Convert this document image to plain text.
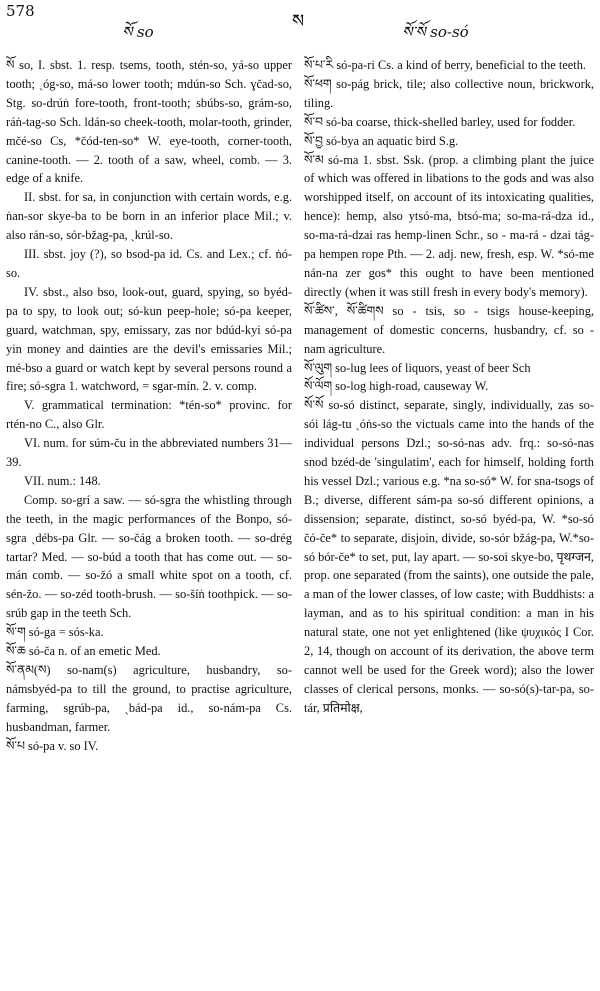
578
སོ so	ས	སོ་སོ so-só

སོ so, I. sbst. 1. resp. tsems, tooth, stén-so, yá-so upper tooth; ˏóg-so, má-so lower tooth; mdún-so Sch. ɣčad-so, Stg. so-drúṅ fore-tooth, front-tooth; sbúbs-so, grám-so, ráṅ-tag-so Sch. ldán-so cheek-tooth, molar-tooth, grinder, mčé-so Cs, *čód-ten-so* W. eye-tooth, corner-tooth, canine-tooth. — 2. tooth of a saw, wheel, comb. — 3. edge of a knife.

II. sbst. for sa, in conjunction with certain words, e.g. ṅan-sor skye-ba to be born in an inferior place Mil.; v. also rán-so, sór-bžag-pa, ˏkrúl-so.

III. sbst. joy (?), so bsod-pa id. Cs. and Lex.; cf. ṅó-so.

IV. sbst., also bso, look-out, guard, spying, so byéd-pa to spy, to look out; só-kun peep-hole; só-pa keeper, guard, watchman, spy, emissary, zas nor bdúd-kyi só-pa yin money and dainties are the devil's emissaries Mil.; mé-bso a guard or watch kept by several persons round a fire; só-sgra 1. watchword, = sgar-mín. 2. v. comp.

V. grammatical termination: *tén-so* provinc. for rtén-no C., also Glr.

VI. num. for súm-ču in the abbreviated numbers 31—39.

VII. num.: 148.

Comp. so-grí a saw. — só-sgra the whistling through the teeth, in the magic performances of the Bonpo, só-sgra ˏdébs-pa Glr. — so-čág a broken tooth. — so-drég tartar? Med. — so-búd a tooth that has come out. — so-mán comb. — so-žó a small white spot on a tooth, cf. sén-žo. — so-zéd tooth-brush. — so-šíṅ toothpick. — so-srúb gap in the teeth Sch.

སོ་ག só-ga = sós-ka.

སོ་ཆ só-ča n. of an emetic Med.

སོ་ནམ(ས) so-nam(s) agriculture, husbandry, so-námsbyéd-pa to till the ground, to practise agriculture, farming, sgrúb-pa, ˏbád-pa id., so-nám-pa Cs. husbandman, farmer.

སོ་པ só-pa v. so IV.

སོ་པ་རི só-pa-ri Cs. a kind of berry, beneficial to the teeth.

སོ་ཕག so-pág brick, tile; also collective noun, brickwork, tiling.

སོ་བ só-ba coarse, thick-shelled barley, used for fodder.

སོ་བྱ só-bya an aquatic bird S.g.

སོ་མ só-ma 1. sbst. Ssk. (prop. a climbing plant the juice of which was offered in libations to the gods and was also worshipped itself, on account of its intoxicating qualities, hence): hemp, also ytsó-ma, btsó-ma; so-ma-rá-dza id., so-ma-rá-dzai ras hemp-linen Schr., so - ma-rá - dzai tág-pa hempen rope Pth. — 2. adj. new, fresh, esp. W. *só-me nán-na zer gos* this ought to have been mentioned directly (when it was still fresh in every body's memory).

སོ་ཚིས་, སོ་ཚིགས so - tsis, so - tsigs house-keeping, management of domestic concerns, husbandry, cf. so - nam agriculture.

སོ་ལུག so-lug lees of liquors, yeast of beer Sch

སོ་ལོག so-log high-road, causeway W.

སོ་སོ so-só distinct, separate, singly, individually, zas so-sói lág-tu ˏóṅs-so the victuals came into the hands of the individual persons Dzl.; so-só-nas adv. frq.: so-só-nas snod bzéd-de 'singulatim', each for himself, holding forth his vessel Dzl.; various e.g. *na so-só* W. for sna-tsogs of B.; diverse, different sám-pa so-só different opinions, a dissension; separate, distinct, so-só byéd-pa, W. *so-só čó-če* to separate, disjoin, divide, so-sór bžág-pa, W.*so-só bór-če* to set, put, lay apart. — so-soi skye-bo, पृथग्जन, prop. one separated (from the saints), one outside the pale, a man of the lower classes, of low caste; with Buddhists: a layman, and as to his spiritual condition: a man in his natural state, one not yet enlightened (like ψυχικός I Cor. 2, 14, though on account of its derivation, the above term cannot well be used for the Greek word); also the lower classes of clerical persons, monks. — so-só(s)-tar-pa, so-tár, प्रतिमोक्ष,
